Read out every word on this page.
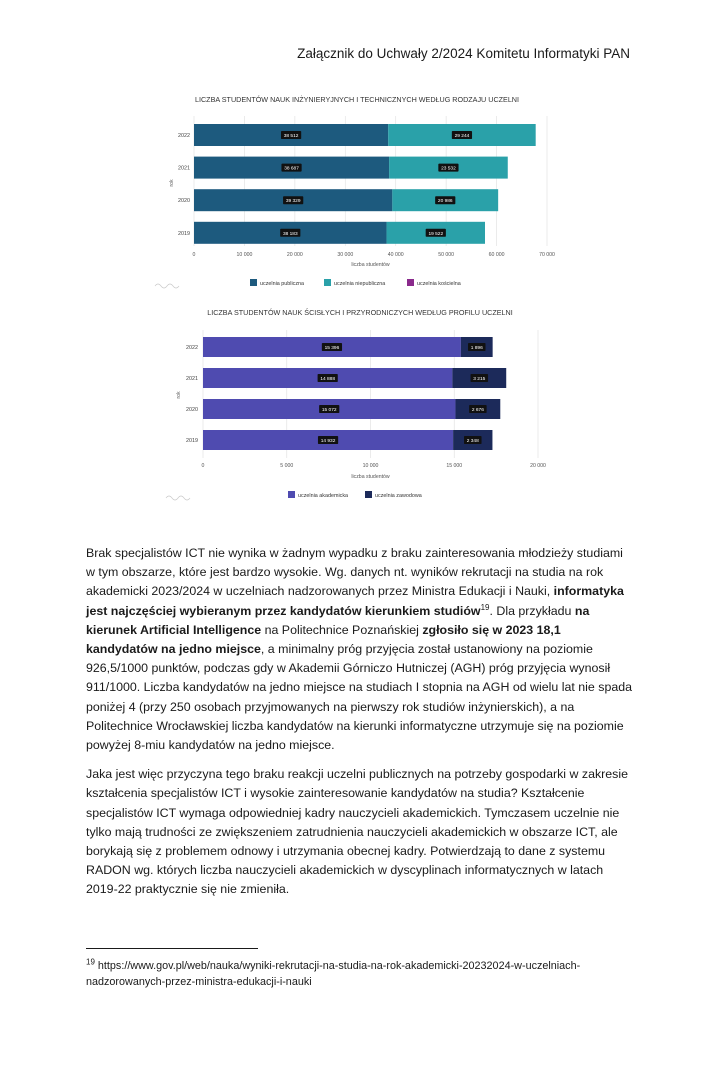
Załącznik do Uchwały 2/2024 Komitetu Informatyki PAN
LICZBA STUDENTÓW NAUK INŻYNIERYJNYCH I TECHNICZNYCH WEDŁUG RODZAJU UCZELNI
0	10 000	20 000	30 000	40 000	50 000	60 000	70 000
liczba studentów
rok
2022	38 512	29 244
2021	38 687	23 532
2020	39 329	20 986
2019	38 183	19 522
uczelnia publiczna	uczelnia niepubliczna	uczelnia kościelna
LICZBA STUDENTÓW NAUK ŚCISŁYCH I PRZYRODNICZYCH WEDŁUG PROFILU UCZELNI
0	5 000	10 000	15 000	20 000
liczba studentów
rok
2022	15 396	1 896
2021	14 888	3 215
2020	15 072	2 676
2019	14 932	2 348
uczelnia akademicka	uczelnia zawodowa

Brak specjalistów ICT nie wynika w żadnym wypadku z braku zainteresowania młodzieży studiami w tym obszarze, które jest bardzo wysokie. Wg. danych nt. wyników rekrutacji na studia na rok akademicki 2023/2024 w uczelniach nadzorowanych przez Ministra Edukacji i Nauki, informatyka jest najczęściej wybieranym przez kandydatów kierunkiem studiów$^{19}$. Dla przykładu na kierunek Artificial Intelligence na Politechnice Poznańskiej zgłosiło się w 2023 18,1 kandydatów na jedno miejsce, a minimalny próg przyjęcia został ustanowiony na poziomie 926,5/1000 punktów, podczas gdy w Akademii Górniczo Hutniczej (AGH) próg przyjęcia wynosił 911/1000. Liczba kandydatów na jedno miejsce na studiach I stopnia na AGH od wielu lat nie spada poniżej 4 (przy 250 osobach przyjmowanych na pierwszy rok studiów inżynierskich), a na Politechnice Wrocławskiej liczba kandydatów na kierunki informatyczne utrzymuje się na poziomie powyżej 8-miu kandydatów na jedno miejsce.

Jaka jest więc przyczyna tego braku reakcji uczelni publicznych na potrzeby gospodarki w zakresie kształcenia specjalistów ICT i wysokie zainteresowanie kandydatów na studia? Kształcenie specjalistów ICT wymaga odpowiedniej kadry nauczycieli akademickich. Tymczasem uczelnie nie tylko mają trudności ze zwiększeniem zatrudnienia nauczycieli akademickich w obszarze ICT, ale borykają się z problemem odnowy i utrzymania obecnej kadry. Potwierdzają to dane z systemu RADON wg. których liczba nauczycieli akademickich w dyscyplinach informatycznych w latach 2019-22 praktycznie się nie zmieniła.

$^{19}$ https://www.gov.pl/web/nauka/wyniki-rekrutacji-na-studia-na-rok-akademicki-20232024-w-uczelniach-nadzorowanych-przez-ministra-edukacji-i-nauki
